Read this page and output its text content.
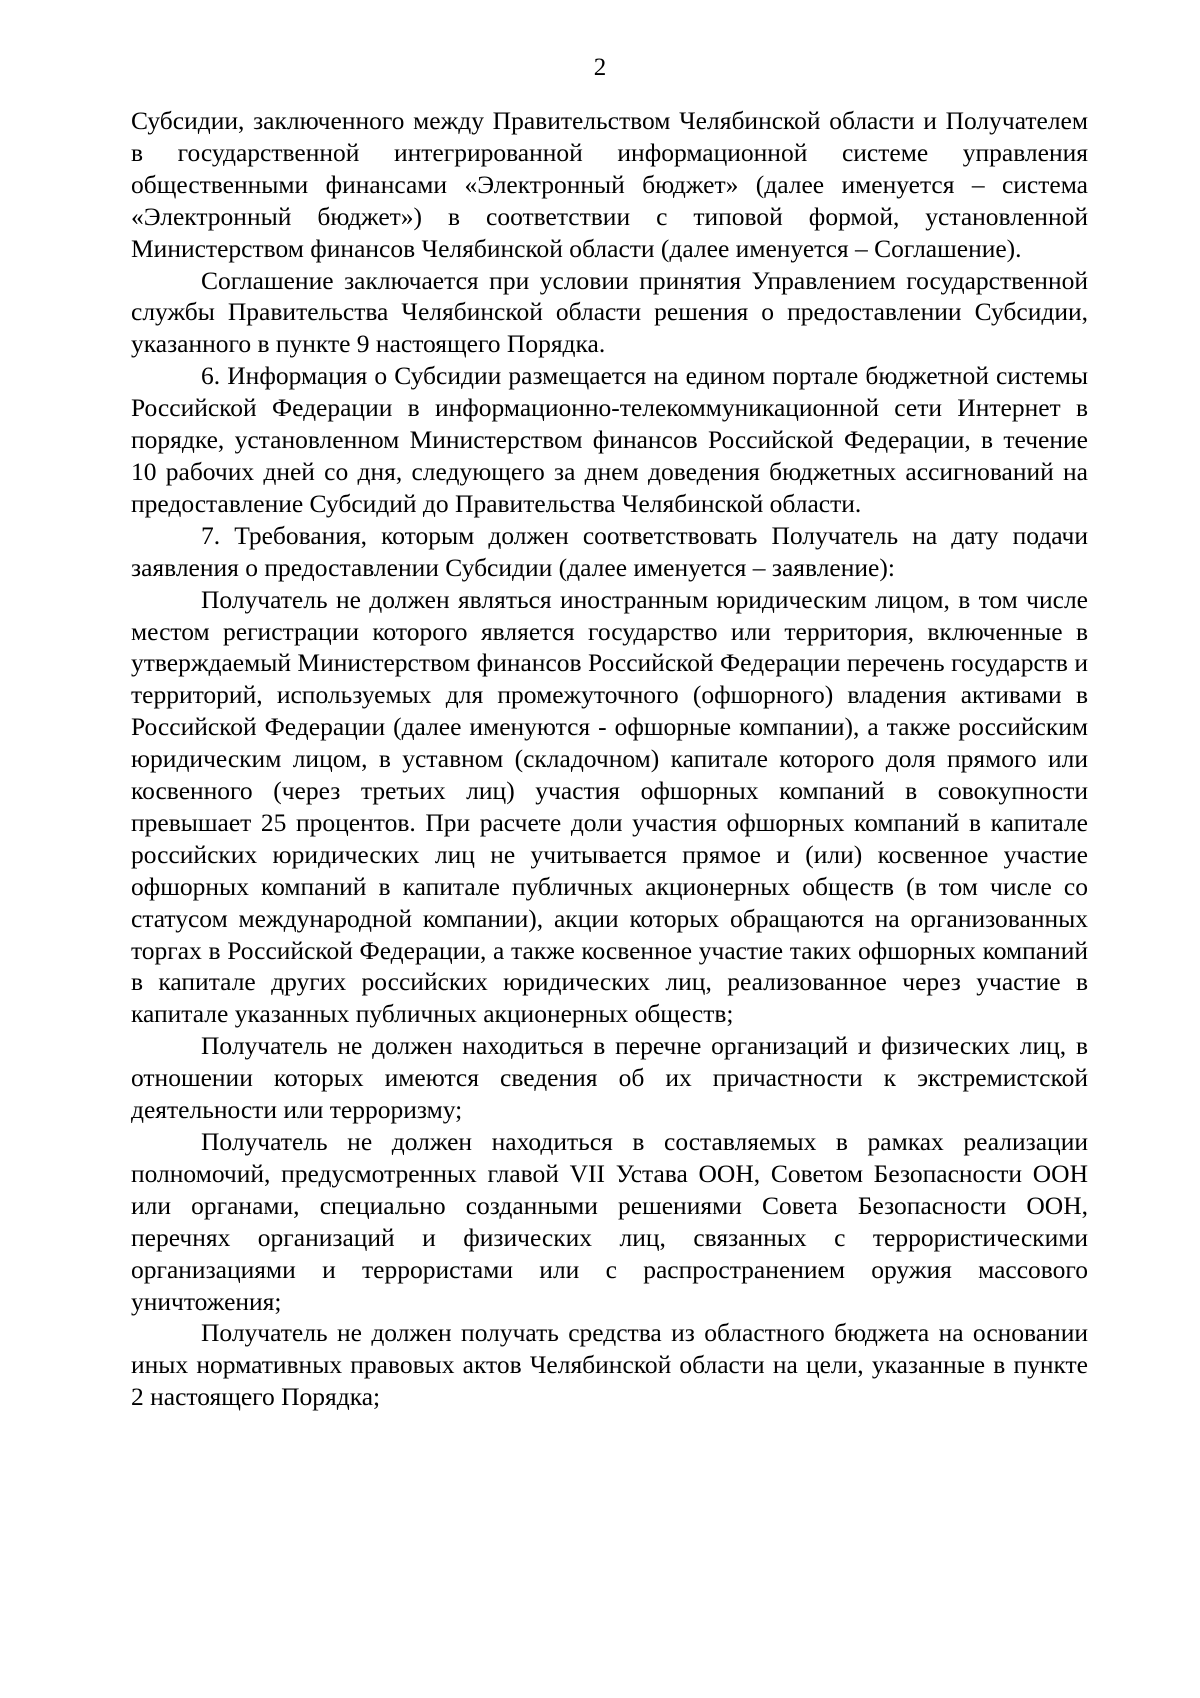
2

Субсидии, заключенного между Правительством Челябинской области и Получателем в государственной интегрированной информационной системе управления общественными финансами «Электронный бюджет» (далее именуется – система «Электронный бюджет») в соответствии с типовой формой, установленной Министерством финансов Челябинской области (далее именуется – Соглашение).

Соглашение заключается при условии принятия Управлением государственной службы Правительства Челябинской области решения о предоставлении Субсидии, указанного в пункте 9 настоящего Порядка.

6. Информация о Субсидии размещается на едином портале бюджетной системы Российской Федерации в информационно-телекоммуникационной сети Интернет в порядке, установленном Министерством финансов Российской Федерации, в течение 10 рабочих дней со дня, следующего за днем доведения бюджетных ассигнований на предоставление Субсидий до Правительства Челябинской области.

7. Требования, которым должен соответствовать Получатель на дату подачи заявления о предоставлении Субсидии (далее именуется – заявление):

Получатель не должен являться иностранным юридическим лицом, в том числе местом регистрации которого является государство или территория, включенные в утверждаемый Министерством финансов Российской Федерации перечень государств и территорий, используемых для промежуточного (офшорного) владения активами в Российской Федерации (далее именуются - офшорные компании), а также российским юридическим лицом, в уставном (складочном) капитале которого доля прямого или косвенного (через третьих лиц) участия офшорных компаний в совокупности превышает 25 процентов. При расчете доли участия офшорных компаний в капитале российских юридических лиц не учитывается прямое и (или) косвенное участие офшорных компаний в капитале публичных акционерных обществ (в том числе со статусом международной компании), акции которых обращаются на организованных торгах в Российской Федерации, а также косвенное участие таких офшорных компаний в капитале других российских юридических лиц, реализованное через участие в капитале указанных публичных акционерных обществ;

Получатель не должен находиться в перечне организаций и физических лиц, в отношении которых имеются сведения об их причастности к экстремистской деятельности или терроризму;

Получатель не должен находиться в составляемых в рамках реализации полномочий, предусмотренных главой VII Устава ООН, Советом Безопасности ООН или органами, специально созданными решениями Совета Безопасности ООН, перечнях организаций и физических лиц, связанных с террористическими организациями и террористами или с распространением оружия массового уничтожения;

Получатель не должен получать средства из областного бюджета на основании иных нормативных правовых актов Челябинской области на цели, указанные в пункте 2 настоящего Порядка;
